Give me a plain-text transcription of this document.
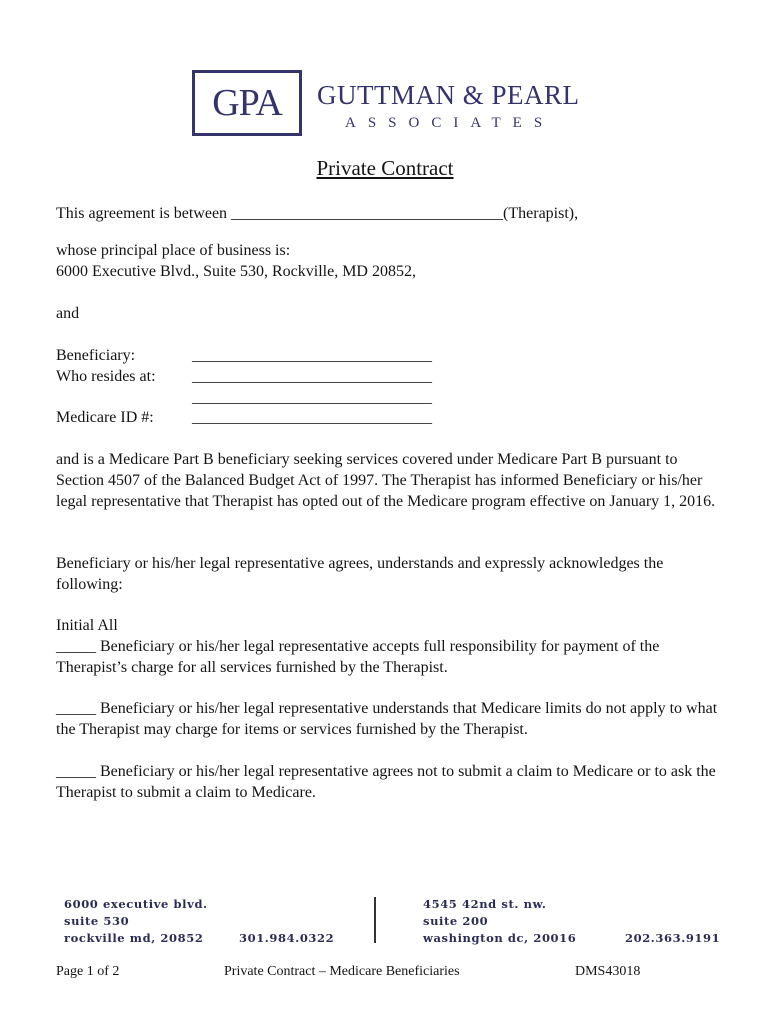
GPA GUTTMAN & PEARL
ASSOCIATES
Private Contract
This agreement is between __________________________________(Therapist),
whose principal place of business is:
6000 Executive Blvd., Suite 530, Rockville, MD 20852,
and
Beneficiary:	______________________________
Who resides at: ______________________________
______________________________
Medicare ID #: ______________________________
and is a Medicare Part B beneficiary seeking services covered under Medicare Part B pursuant to Section 4507 of the Balanced Budget Act of 1997. The Therapist has informed Beneficiary or his/her legal representative that Therapist has opted out of the Medicare program effective on January 1, 2016.
Beneficiary or his/her legal representative agrees, understands and expressly acknowledges the following:
Initial All
_____ Beneficiary or his/her legal representative accepts full responsibility for payment of the Therapist’s charge for all services furnished by the Therapist.
_____ Beneficiary or his/her legal representative understands that Medicare limits do not apply to what the Therapist may charge for items or services furnished by the Therapist.
_____ Beneficiary or his/her legal representative agrees not to submit a claim to Medicare or to ask the Therapist to submit a claim to Medicare.
6000 executive blvd.
suite 530
rockville md, 20852	301.984.0322
4545 42nd st. nw.
suite 200
washington dc, 20016	202.363.9191
Page 1 of 2	Private Contract – Medicare Beneficiaries	DMS43018
